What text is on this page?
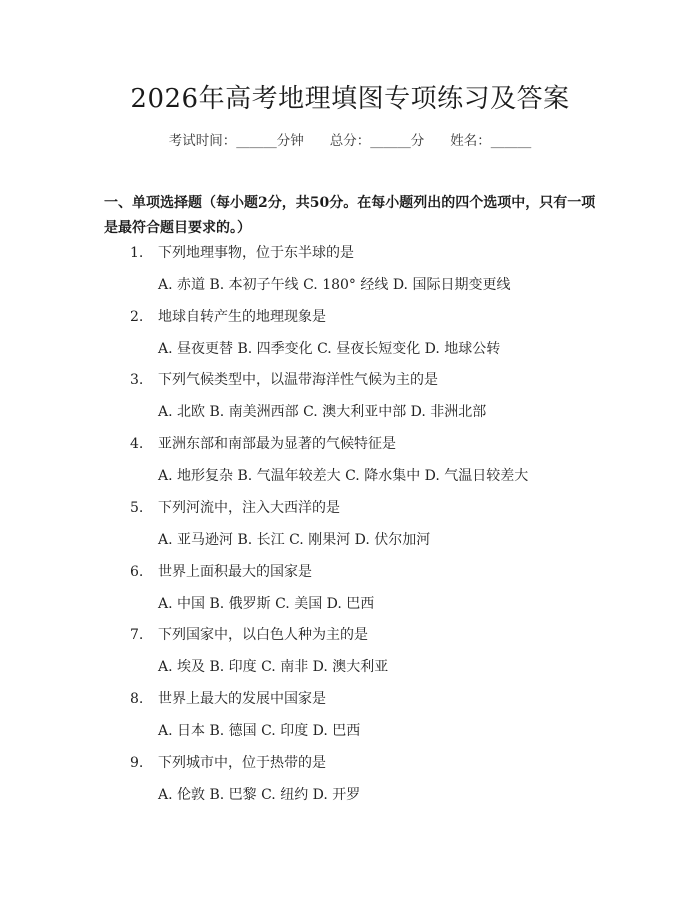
2026年高考地理填图专项练习及答案
考试时间：______分钟 总分：______分 姓名：______
一、单项选择题（每小题2分，共50分。在每小题列出的四个选项中，只有一项是最符合题目要求的。）
1. 下列地理事物，位于东半球的是
A. 赤道 B. 本初子午线 C. 180° 经线 D. 国际日期变更线
2. 地球自转产生的地理现象是
A. 昼夜更替 B. 四季变化 C. 昼夜长短变化 D. 地球公转
3. 下列气候类型中，以温带海洋性气候为主的是
A. 北欧 B. 南美洲西部 C. 澳大利亚中部 D. 非洲北部
4. 亚洲东部和南部最为显著的气候特征是
A. 地形复杂 B. 气温年较差大 C. 降水集中 D. 气温日较差大
5. 下列河流中，注入大西洋的是
A. 亚马逊河 B. 长江 C. 刚果河 D. 伏尔加河
6. 世界上面积最大的国家是
A. 中国 B. 俄罗斯 C. 美国 D. 巴西
7. 下列国家中，以白色人种为主的是
A. 埃及 B. 印度 C. 南非 D. 澳大利亚
8. 世界上最大的发展中国家是
A. 日本 B. 德国 C. 印度 D. 巴西
9. 下列城市中，位于热带的是
A. 伦敦 B. 巴黎 C. 纽约 D. 开罗
